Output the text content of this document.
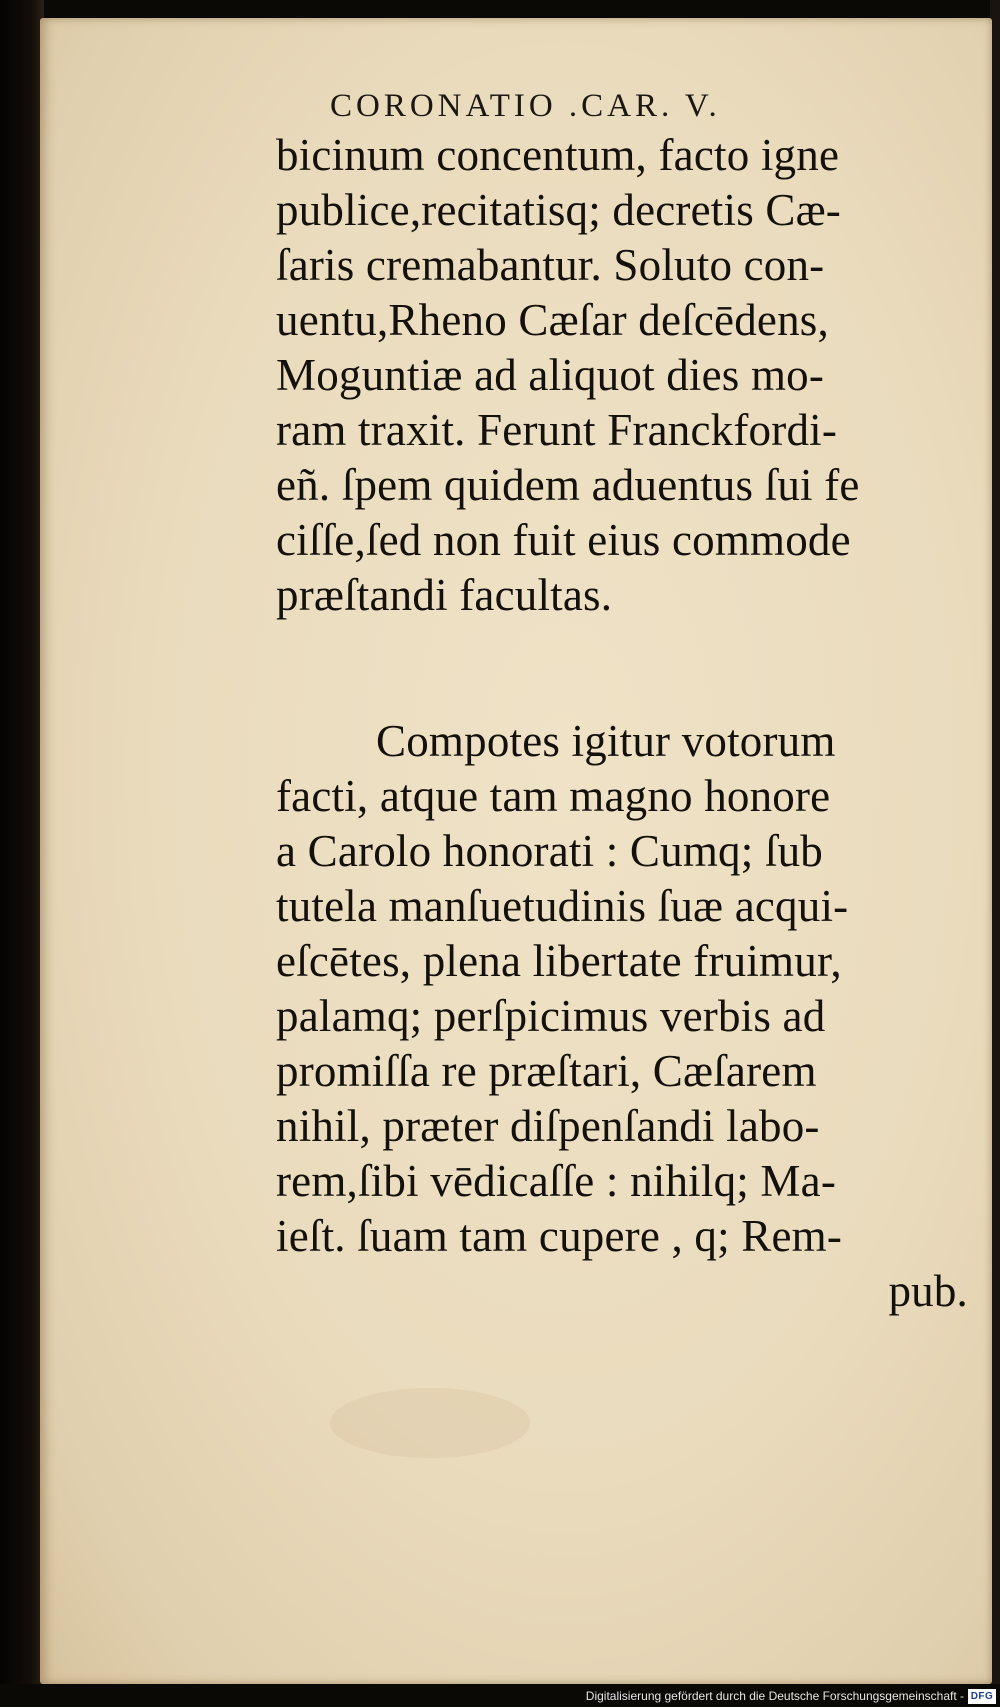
CORONATIO .CAR. V.
bicinum concentum, facto igne
publice,recitatisq; decretis Cæ-
ſaris cremabantur. Soluto con-
uentu,Rheno Cæſar deſcēdens,
Moguntiæ ad aliquot dies mo-
ram traxit. Ferunt Franckfordi-
eñ. ſpem quidem aduentus ſui fe
ciſſe,ſed non fuit eius commode
præſtandi facultas.
Compotes igitur votorum
facti, atque tam magno honore
a Carolo honorati : Cumq; ſub
tutela manſuetudinis ſuæ acqui-
eſcētes, plena libertate fruimur,
palamq; perſpicimus verbis ad
promiſſa re præſtari, Cæſarem
nihil, præter diſpenſandi labo-
rem,ſibi vēdicaſſe : nihilq; Ma-
ieſt. ſuam tam cupere , q; Rem-
pub.
Digitalisierung gefördert durch die Deutsche Forschungsgemeinschaft - DFG
